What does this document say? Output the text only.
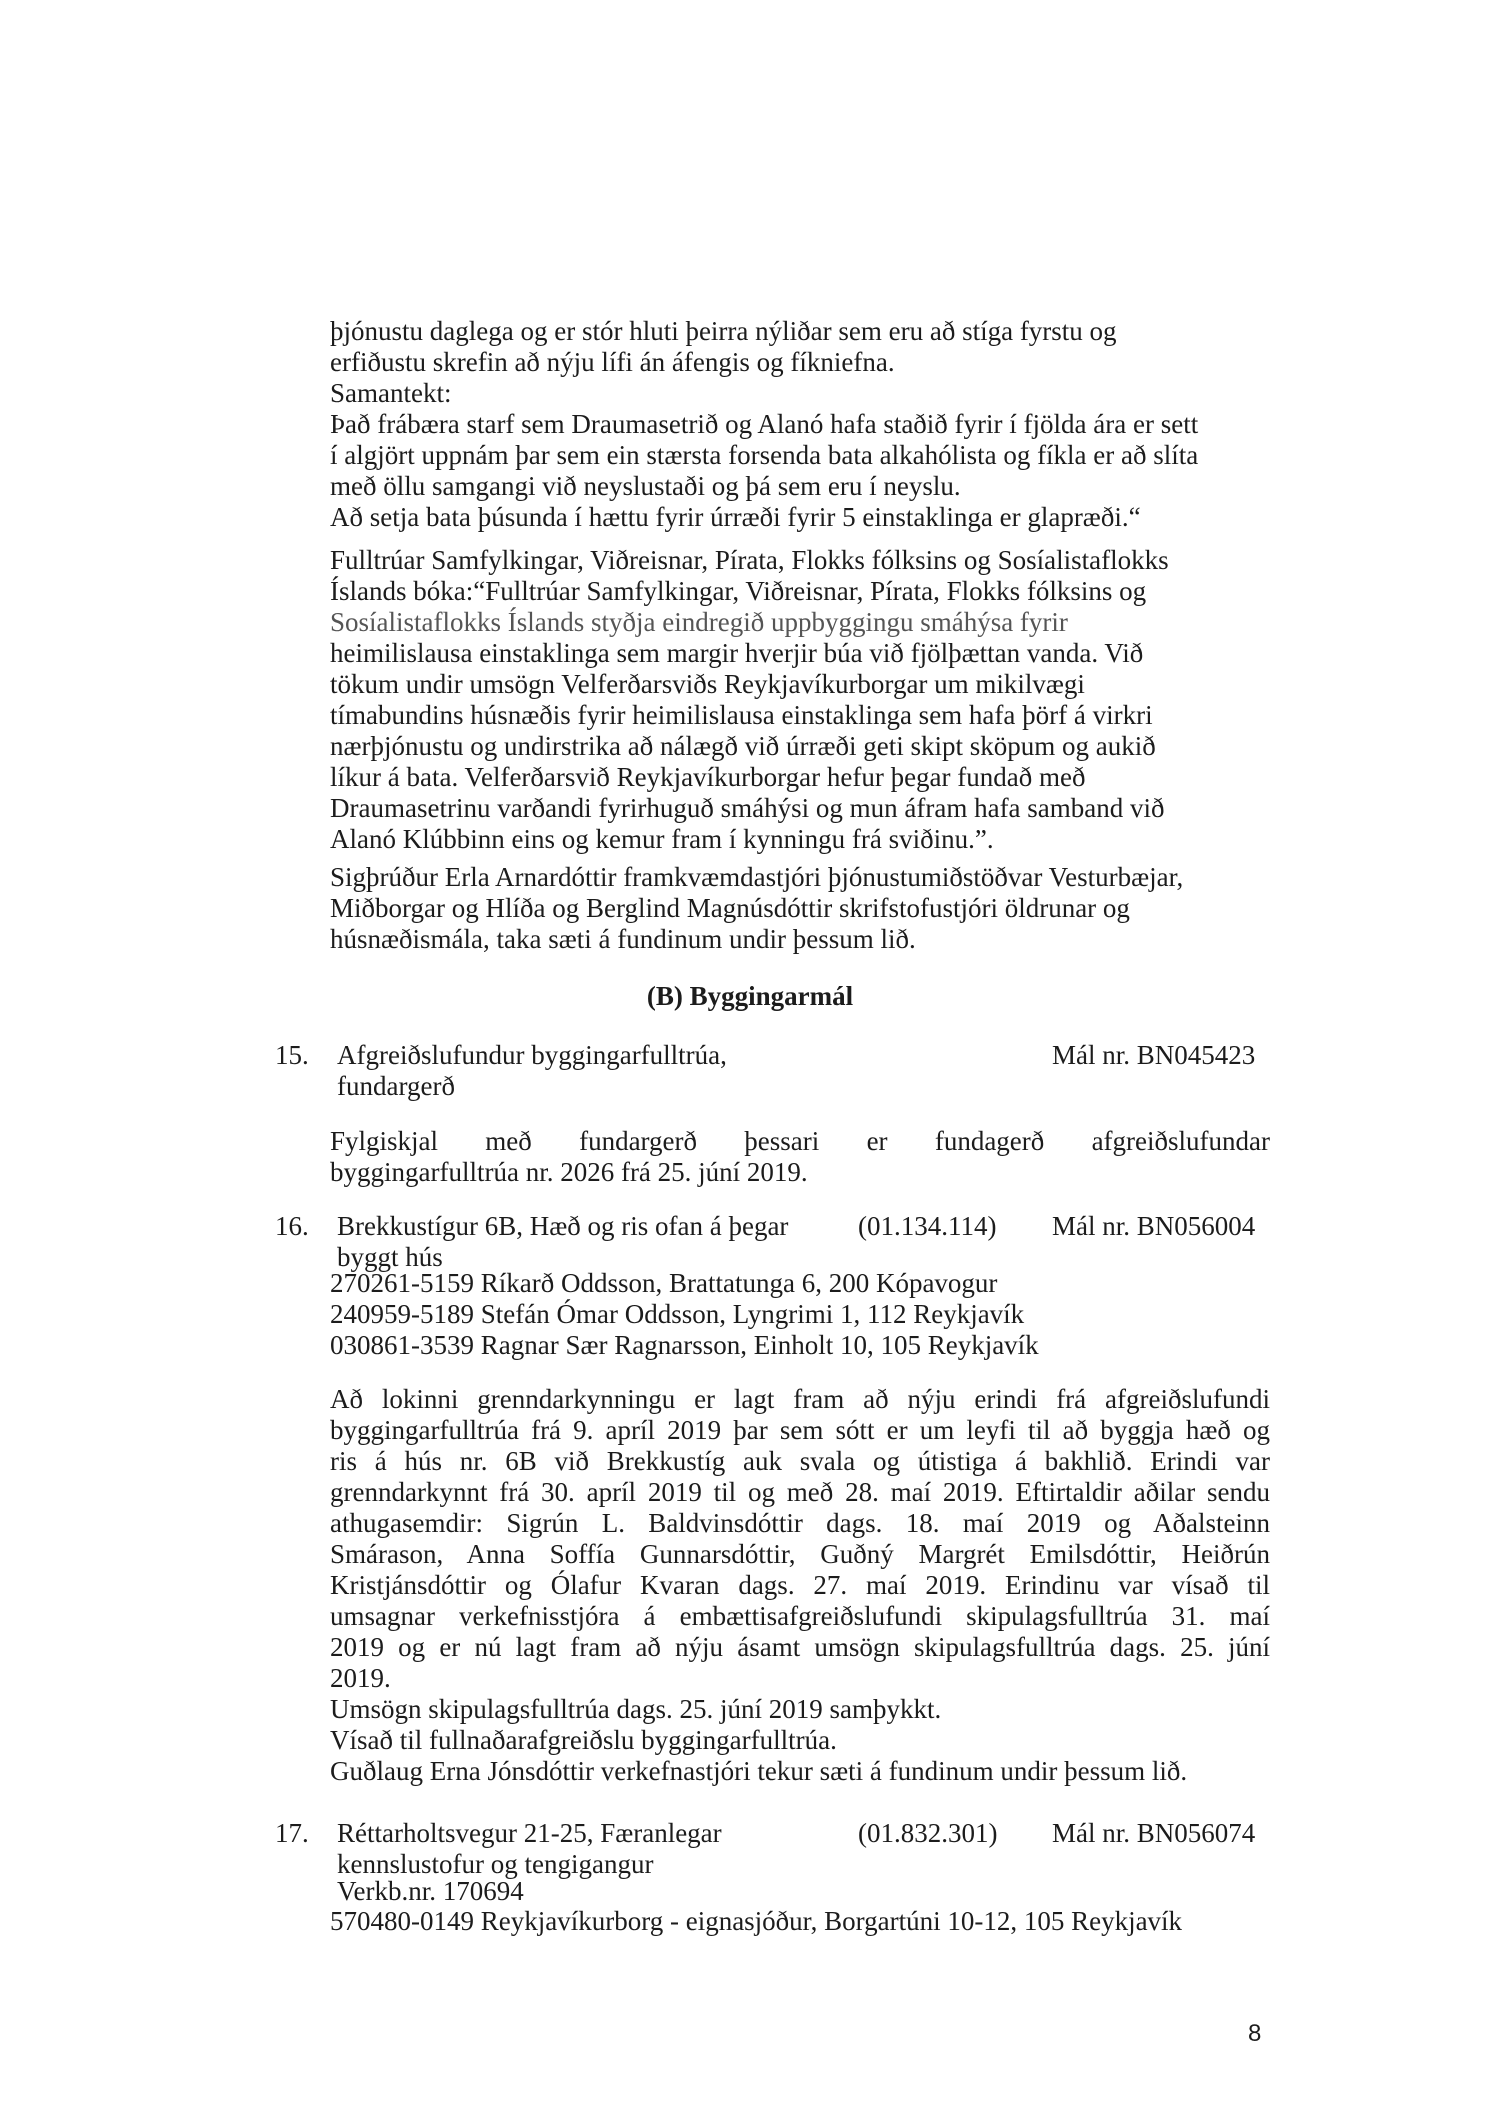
þjónustu daglega og er stór hluti þeirra nýliðar sem eru að stíga fyrstu og
erfiðustu skrefin að nýju lífi án áfengis og fíkniefna.
Samantekt:
Það frábæra starf sem Draumasetrið og Alanó hafa staðið fyrir í fjölda ára er sett
í algjört uppnám þar sem ein stærsta forsenda bata alkahólista og fíkla er að slíta
með öllu samgangi við neyslustaði og þá sem eru í neyslu.
Að setja bata þúsunda í hættu fyrir úrræði fyrir 5 einstaklinga er glapræði.“
Fulltrúar Samfylkingar, Viðreisnar, Pírata, Flokks fólksins og Sosíalistaflokks
Íslands bóka:“Fulltrúar Samfylkingar, Viðreisnar, Pírata, Flokks fólksins og
Sosíalistaflokks Íslands styðja eindregið uppbyggingu smáhýsa fyrir
heimilislausa einstaklinga sem margir hverjir búa við fjölþættan vanda. Við
tökum undir umsögn Velferðarsviðs Reykjavíkurborgar um mikilvægi
tímabundins húsnæðis fyrir heimilislausa einstaklinga sem hafa þörf á virkri
nærþjónustu og undirstrika að nálægð við úrræði geti skipt sköpum og aukið
líkur á bata. Velferðarsvið Reykjavíkurborgar hefur þegar fundað með
Draumasetrinu varðandi fyrirhuguð smáhýsi og mun áfram hafa samband við
Alanó Klúbbinn eins og kemur fram í kynningu frá sviðinu.”.
Sigþrúður Erla Arnardóttir framkvæmdastjóri þjónustumiðstöðvar Vesturbæjar,
Miðborgar og Hlíða og Berglind Magnúsdóttir skrifstofustjóri öldrunar og
húsnæðismála, taka sæti á fundinum undir þessum lið.
(B) Byggingarmál
15. Afgreiðslufundur byggingarfulltrúa,	Mál nr. BN045423
fundargerð
Fylgiskjal með fundargerð þessari er fundagerð afgreiðslufundar
byggingarfulltrúa nr. 2026 frá 25. júní 2019.
16. Brekkustígur 6B, Hæð og ris ofan á þegar	(01.134.114) Mál nr. BN056004
byggt hús
270261-5159 Ríkarð Oddsson, Brattatunga 6, 200 Kópavogur
240959-5189 Stefán Ómar Oddsson, Lyngrimi 1, 112 Reykjavík
030861-3539 Ragnar Sær Ragnarsson, Einholt 10, 105 Reykjavík
Að lokinni grenndarkynningu er lagt fram að nýju erindi frá afgreiðslufundi
byggingarfulltrúa frá 9. apríl 2019 þar sem sótt er um leyfi til að byggja hæð og
ris á hús nr. 6B við Brekkustíg auk svala og útistiga á bakhlið. Erindi var
grenndarkynnt frá 30. apríl 2019 til og með 28. maí 2019. Eftirtaldir aðilar sendu
athugasemdir: Sigrún L. Baldvinsdóttir dags. 18. maí 2019 og Aðalsteinn
Smárason, Anna Soffía Gunnarsdóttir, Guðný Margrét Emilsdóttir, Heiðrún
Kristjánsdóttir og Ólafur Kvaran dags. 27. maí 2019. Erindinu var vísað til
umsagnar verkefnisstjóra á embættisafgreiðslufundi skipulagsfulltrúa 31. maí
2019 og er nú lagt fram að nýju ásamt umsögn skipulagsfulltrúa dags. 25. júní
2019.
Umsögn skipulagsfulltrúa dags. 25. júní 2019 samþykkt.
Vísað til fullnaðarafgreiðslu byggingarfulltrúa.
Guðlaug Erna Jónsdóttir verkefnastjóri tekur sæti á fundinum undir þessum lið.
17. Réttarholtsvegur 21-25, Færanlegar	(01.832.301) Mál nr. BN056074
kennslustofur og tengigangur
Verkb.nr. 170694
570480-0149 Reykjavíkurborg - eignasjóður, Borgartúni 10-12, 105 Reykjavík
8
